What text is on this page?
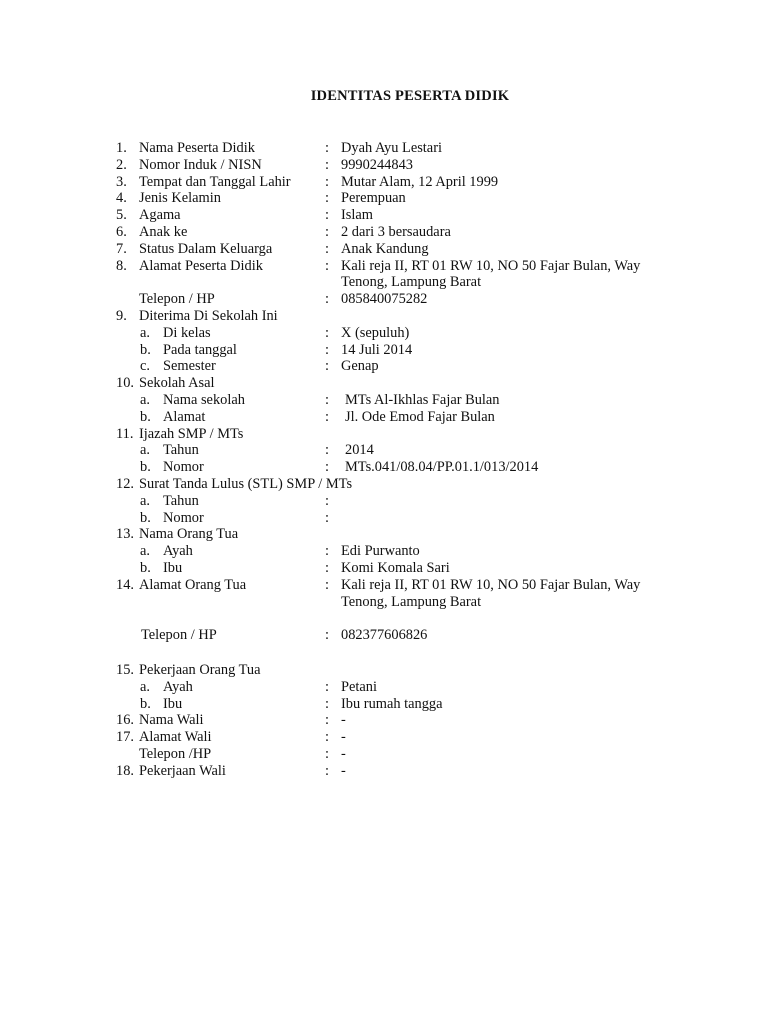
IDENTITAS PESERTA DIDIK
1. Nama Peserta Didik	: Dyah Ayu Lestari
2. Nomor Induk / NISN	: 9990244843
3. Tempat dan Tanggal Lahir : Mutar Alam, 12 April 1999
4. Jenis Kelamin	: Perempuan
5. Agama	: Islam
6. Anak ke	: 2 dari 3 bersaudara
7. Status Dalam Keluarga	: Anak Kandung
8. Alamat Peserta Didik	: Kali reja II, RT 01 RW 10, NO 50 Fajar Bulan, Way
Tenong, Lampung Barat
Telepon / HP	: 085840075282
9. Diterima Di Sekolah Ini
a. Di kelas	: X (sepuluh)
b. Pada tanggal	: 14 Juli 2014
c. Semester	: Genap
10. Sekolah Asal
a. Nama sekolah	: MTs Al-Ikhlas Fajar Bulan
b. Alamat	: Jl. Ode Emod Fajar Bulan
11. Ijazah SMP / MTs
a. Tahun	: 2014
b. Nomor	: MTs.041/08.04/PP.01.1/013/2014
12. Surat Tanda Lulus (STL) SMP / MTs
a. Tahun	:
b. Nomor	:
13. Nama Orang Tua
a. Ayah	: Edi Purwanto
b. Ibu	: Komi Komala Sari
14. Alamat Orang Tua	: Kali reja II, RT 01 RW 10, NO 50 Fajar Bulan, Way
Tenong, Lampung Barat
Telepon / HP	: 082377606826
15. Pekerjaan Orang Tua
a. Ayah	: Petani
b. Ibu	: Ibu rumah tangga
16. Nama Wali	: -
17. Alamat Wali	: -
Telepon /HP	: -
18. Pekerjaan Wali	: -
